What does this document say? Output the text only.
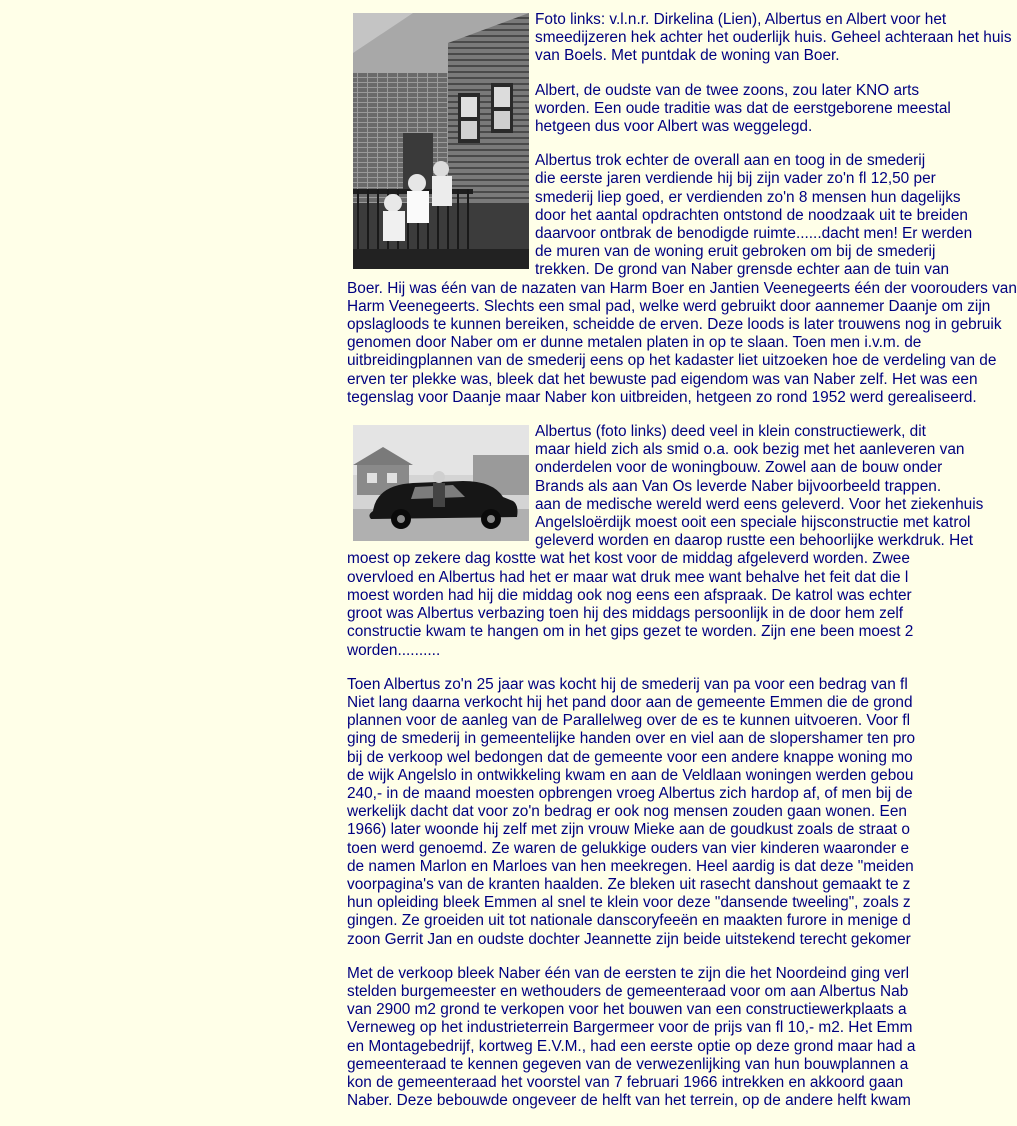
Foto links: v.l.n.r. Dirkelina (Lien), Albertus en Albert voor het
smeedijzeren hek achter het ouderlijk huis. Geheel achteraan het huis
van Boels. Met puntdak de woning van Boer.

Albert, de oudste van de twee zoons, zou later KNO arts
worden. Een oude traditie was dat de eerstgeborene meestal
hetgeen dus voor Albert was weggelegd.

Albertus trok echter de overall aan en toog in de smederij
die eerste jaren verdiende hij bij zijn vader zo'n fl 12,50 per
smederij liep goed, er verdienden zo'n 8 mensen hun dagelijks
door het aantal opdrachten ontstond de noodzaak uit te breiden
daarvoor ontbrak de benodigde ruimte......dacht men! Er werden
de muren van de woning eruit gebroken om bij de smederij
trekken. De grond van Naber grensde echter aan de tuin van
Boer. Hij was één van de nazaten van Harm Boer en Jantien Veenegeerts één der voorouders van
Harm Veenegeerts. Slechts een smal pad, welke werd gebruikt door aannemer Daanje om zijn
opslagloods te kunnen bereiken, scheidde de erven. Deze loods is later trouwens nog in gebruik
genomen door Naber om er dunne metalen platen in op te slaan. Toen men i.v.m. de
uitbreidingplannen van de smederij eens op het kadaster liet uitzoeken hoe de verdeling van de
erven ter plekke was, bleek dat het bewuste pad eigendom was van Naber zelf. Het was een
tegenslag voor Daanje maar Naber kon uitbreiden, hetgeen zo rond 1952 werd gerealiseerd.

Albertus (foto links) deed veel in klein constructiewerk, dit
maar hield zich als smid o.a. ook bezig met het aanleveren van
onderdelen voor de woningbouw. Zowel aan de bouw onder
Brands als aan Van Os leverde Naber bijvoorbeeld trappen.
aan de medische wereld werd eens geleverd. Voor het ziekenhuis
Angelsloërdijk moest ooit een speciale hijsconstructie met katrol
geleverd worden en daarop rustte een behoorlijke werkdruk. Het
moest op zekere dag kostte wat het kost voor de middag afgeleverd worden. Zwee
overvloed en Albertus had het er maar wat druk mee want behalve het feit dat die l
moest worden had hij die middag ook nog eens een afspraak. De katrol was echter
groot was Albertus verbazing toen hij des middags persoonlijk in de door hem zelf
constructie kwam te hangen om in het gips gezet te worden. Zijn ene been moest 2
worden..........

Toen Albertus zo'n 25 jaar was kocht hij de smederij van pa voor een bedrag van fl
Niet lang daarna verkocht hij het pand door aan de gemeente Emmen die de grond
plannen voor de aanleg van de Parallelweg over de es te kunnen uitvoeren. Voor fl
ging de smederij in gemeentelijke handen over en viel aan de slopershamer ten pro
bij de verkoop wel bedongen dat de gemeente voor een andere knappe woning mo
de wijk Angelslo in ontwikkeling kwam en aan de Veldlaan woningen werden gebou
240,- in de maand moesten opbrengen vroeg Albertus zich hardop af, of men bij de
werkelijk dacht dat voor zo'n bedrag er ook nog mensen zouden gaan wonen. Een
1966) later woonde hij zelf met zijn vrouw Mieke aan de goudkust zoals de straat o
toen werd genoemd. Ze waren de gelukkige ouders van vier kinderen waaronder e
de namen Marlon en Marloes van hen meekregen. Heel aardig is dat deze "meiden
voorpagina's van de kranten haalden. Ze bleken uit rasecht danshout gemaakt te z
hun opleiding bleek Emmen al snel te klein voor deze "dansende tweeling", zoals z
gingen. Ze groeiden uit tot nationale danscoryfeeën en maakten furore in menige d
zoon Gerrit Jan en oudste dochter Jeannette zijn beide uitstekend terecht gekomer

Met de verkoop bleek Naber één van de eersten te zijn die het Noordeind ging verl
stelden burgemeester en wethouders de gemeenteraad voor om aan Albertus Nab
van 2900 m2 grond te verkopen voor het bouwen van een constructiewerkplaats a
Verneweg op het industrieterrein Bargermeer voor de prijs van fl 10,- m2. Het Emm
en Montagebedrijf, kortweg E.V.M., had een eerste optie op deze grond maar had a
gemeenteraad te kennen gegeven van de verwezenlijking van hun bouwplannen a
kon de gemeenteraad het voorstel van 7 februari 1966 intrekken en akkoord gaan
Naber. Deze bebouwde ongeveer de helft van het terrein, op de andere helft kwam
